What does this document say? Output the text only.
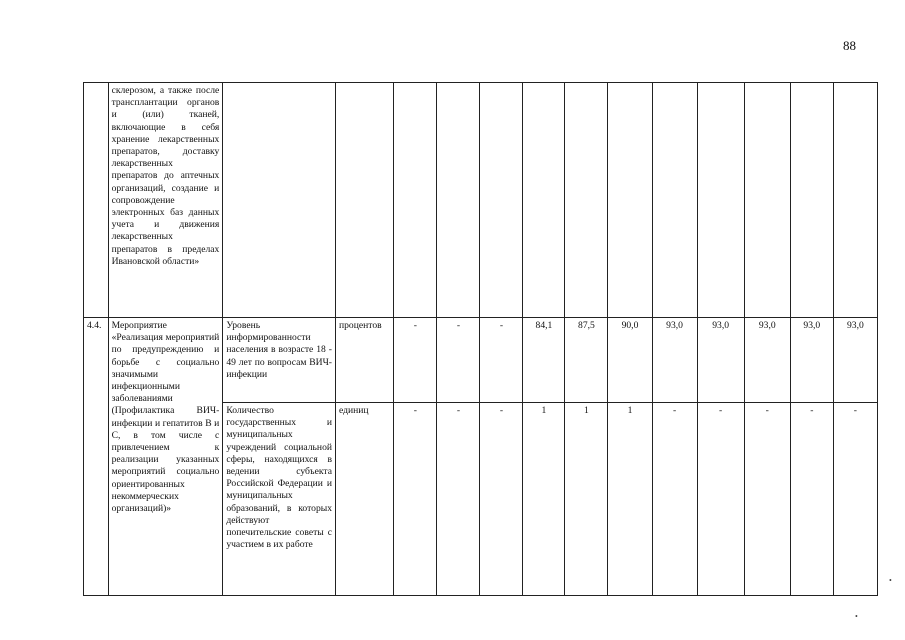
88
	склерозом, а также после трансплантации органов и (или) тканей, включающие в себя хранение лекарственных препаратов, доставку лекарственных препаратов до аптечных организаций, создание и сопровождение электронных баз данных учета и движения лекарственных препаратов в пределах Ивановской области»													
4.4.	Мероприятие «Реализация мероприятий по предупреждению и борьбе с социально значимыми инфекционными заболеваниями (Профилактика ВИЧ-инфекции и гепатитов В и С, в том числе с привлечением к реализации указанных мероприятий социально ориентированных некоммерческих организаций)»	Уровень информированности населения в возрасте 18 - 49 лет по вопросам ВИЧ-инфекции	процентов	-	-	-	84,1	87,5	90,0	93,0	93,0	93,0	93,0	93,0
		Количество государственных и муниципальных учреждений социальной сферы, находящихся в ведении субъекта Российской Федерации и муниципальных образований, в которых действуют попечительские советы с участием в их работе	единиц	-	-	-	1	1	1	-	-	-	-	-
•
•
